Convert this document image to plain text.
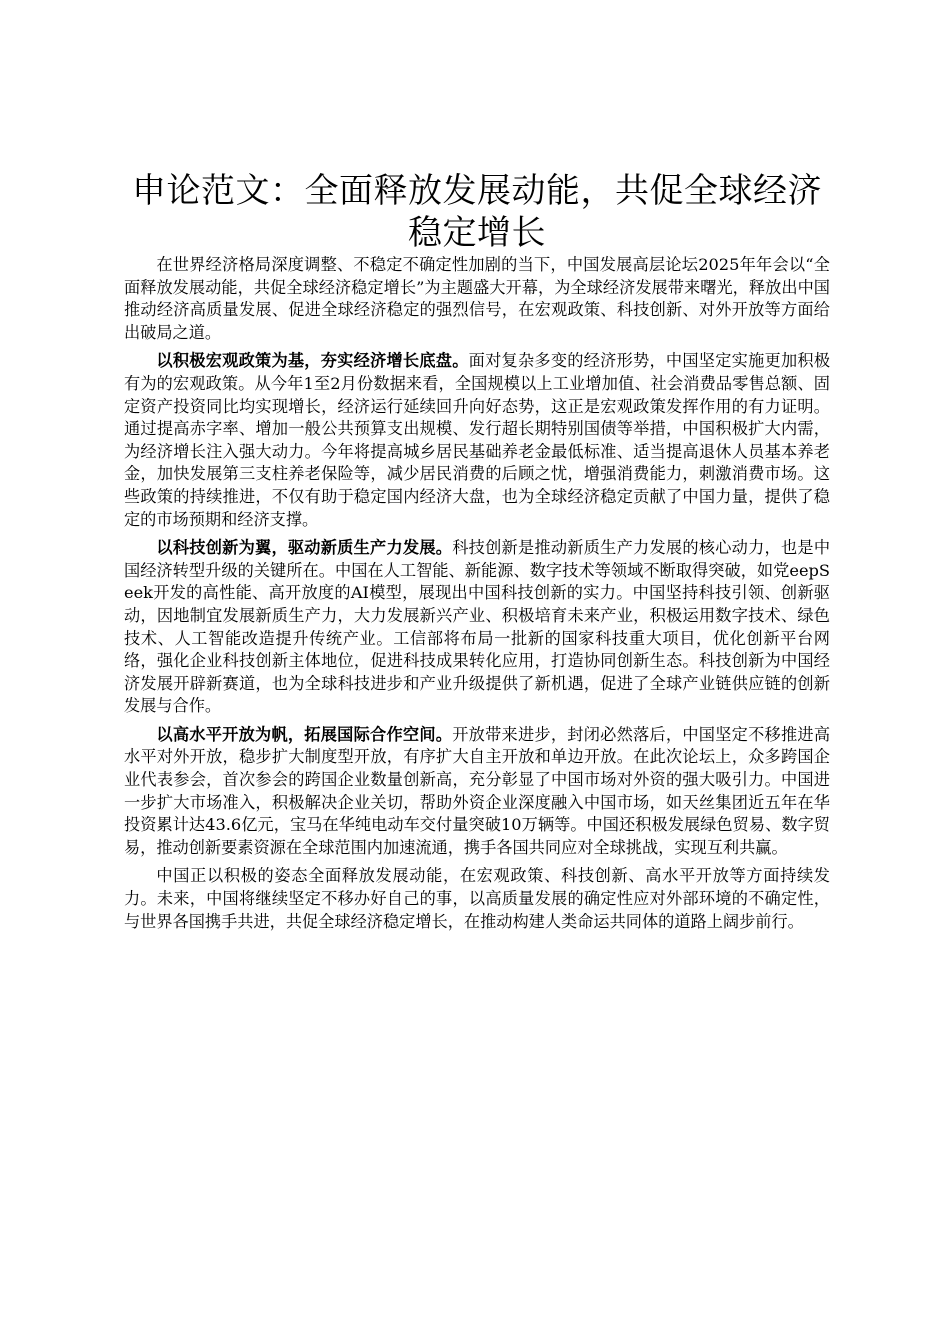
申论范文：全面释放发展动能，共促全球经济稳定增长

在世界经济格局深度调整、不稳定不确定性加剧的当下，中国发展高层论坛2025年年会以“全面释放发展动能，共促全球经济稳定增长”为主题盛大开幕，为全球经济发展带来曙光，释放出中国推动经济高质量发展、促进全球经济稳定的强烈信号，在宏观政策、科技创新、对外开放等方面给出破局之道。

以积极宏观政策为基，夯实经济增长底盘。面对复杂多变的经济形势，中国坚定实施更加积极有为的宏观政策。从今年1至2月份数据来看，全国规模以上工业增加值、社会消费品零售总额、固定资产投资同比均实现增长，经济运行延续回升向好态势，这正是宏观政策发挥作用的有力证明。通过提高赤字率、增加一般公共预算支出规模、发行超长期特别国债等举措，中国积极扩大内需，为经济增长注入强大动力。今年将提高城乡居民基础养老金最低标准、适当提高退休人员基本养老金，加快发展第三支柱养老保险等，减少居民消费的后顾之忧，增强消费能力，刺激消费市场。这些政策的持续推进，不仅有助于稳定国内经济大盘，也为全球经济稳定贡献了中国力量，提供了稳定的市场预期和经济支撑。

以科技创新为翼，驱动新质生产力发展。科技创新是推动新质生产力发展的核心动力，也是中国经济转型升级的关键所在。中国在人工智能、新能源、数字技术等领域不断取得突破，如党eepSeek开发的高性能、高开放度的AI模型，展现出中国科技创新的实力。中国坚持科技引领、创新驱动，因地制宜发展新质生产力，大力发展新兴产业、积极培育未来产业，积极运用数字技术、绿色技术、人工智能改造提升传统产业。工信部将布局一批新的国家科技重大项目，优化创新平台网络，强化企业科技创新主体地位，促进科技成果转化应用，打造协同创新生态。科技创新为中国经济发展开辟新赛道，也为全球科技进步和产业升级提供了新机遇，促进了全球产业链供应链的创新发展与合作。

以高水平开放为帆，拓展国际合作空间。开放带来进步，封闭必然落后，中国坚定不移推进高水平对外开放，稳步扩大制度型开放，有序扩大自主开放和单边开放。在此次论坛上，众多跨国企业代表参会，首次参会的跨国企业数量创新高，充分彰显了中国市场对外资的强大吸引力。中国进一步扩大市场准入，积极解决企业关切，帮助外资企业深度融入中国市场，如天丝集团近五年在华投资累计达43.6亿元，宝马在华纯电动车交付量突破10万辆等。中国还积极发展绿色贸易、数字贸易，推动创新要素资源在全球范围内加速流通，携手各国共同应对全球挑战，实现互利共赢。

中国正以积极的姿态全面释放发展动能，在宏观政策、科技创新、高水平开放等方面持续发力。未来，中国将继续坚定不移办好自己的事，以高质量发展的确定性应对外部环境的不确定性，与世界各国携手共进，共促全球经济稳定增长，在推动构建人类命运共同体的道路上阔步前行。
